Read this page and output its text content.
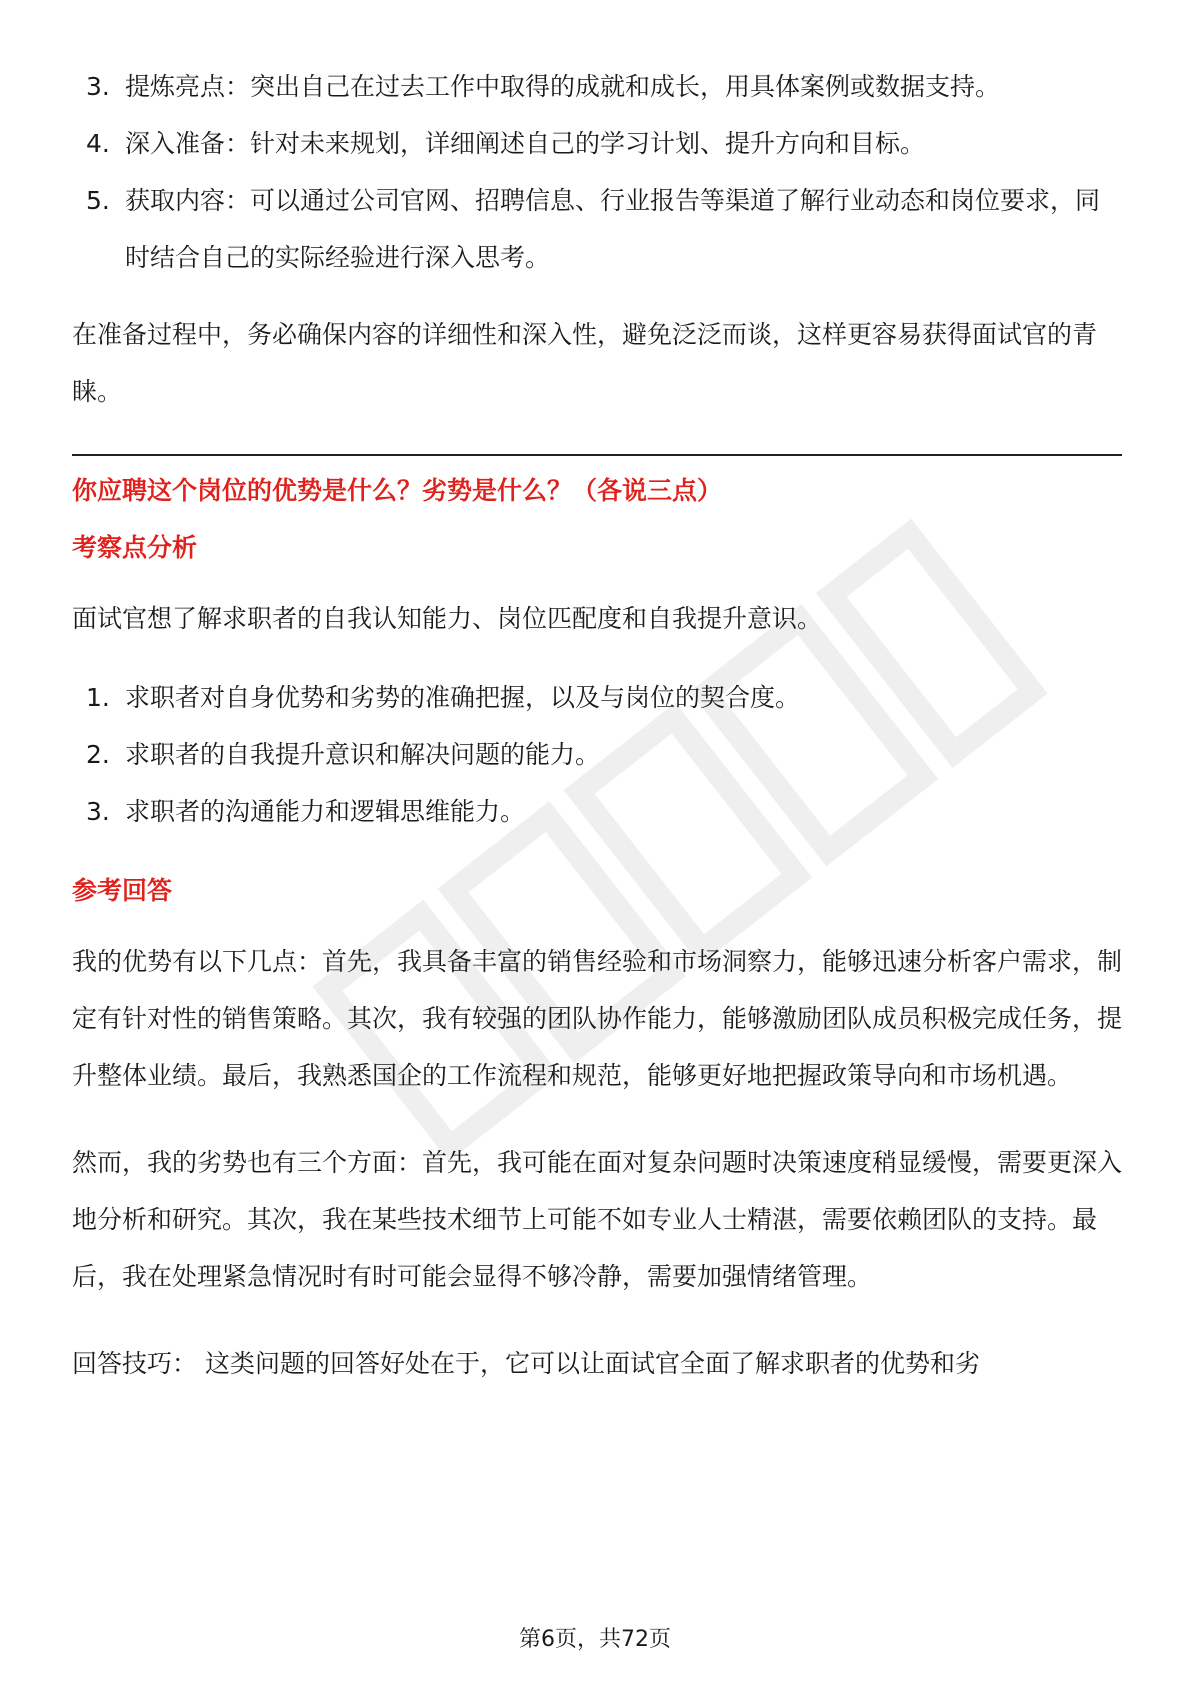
3. 提炼亮点：突出自己在过去工作中取得的成就和成长，用具体案例或数据支持。
4. 深入准备：针对未来规划，详细阐述自己的学习计划、提升方向和目标。
5. 获取内容：可以通过公司官网、招聘信息、行业报告等渠道了解行业动态和岗位要求，同时结合自己的实际经验进行深入思考。

在准备过程中，务必确保内容的详细性和深入性，避免泛泛而谈，这样更容易获得面试官的青睐。

你应聘这个岗位的优势是什么？劣势是什么？（各说三点）

考察点分析

面试官想了解求职者的自我认知能力、岗位匹配度和自我提升意识。

1. 求职者对自身优势和劣势的准确把握，以及与岗位的契合度。
2. 求职者的自我提升意识和解决问题的能力。
3. 求职者的沟通能力和逻辑思维能力。

参考回答

我的优势有以下几点：首先，我具备丰富的销售经验和市场洞察力，能够迅速分析客户需求，制定有针对性的销售策略。其次，我有较强的团队协作能力，能够激励团队成员积极完成任务，提升整体业绩。最后，我熟悉国企的工作流程和规范，能够更好地把握政策导向和市场机遇。

然而，我的劣势也有三个方面：首先，我可能在面对复杂问题时决策速度稍显缓慢，需要更深入地分析和研究。其次，我在某些技术细节上可能不如专业人士精湛，需要依赖团队的支持。最后，我在处理紧急情况时有时可能会显得不够冷静，需要加强情绪管理。

回答技巧： 这类问题的回答好处在于，它可以让面试官全面了解求职者的优势和劣

第6页，共72页
